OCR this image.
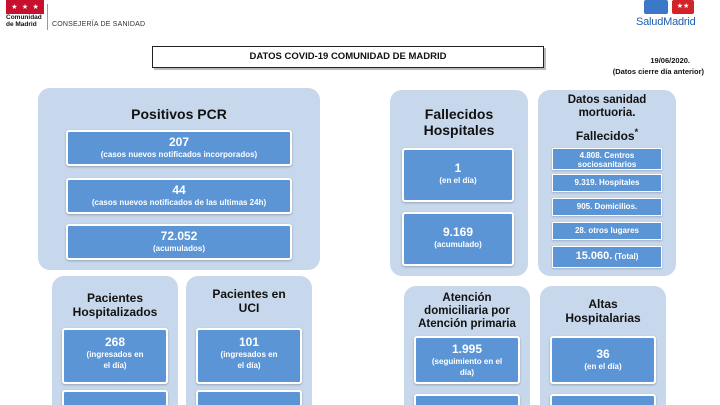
★ ★ ★
Comunidad
de Madrid	CONSEJERÍA DE SANIDAD
★★
SaludMadrid
DATOS COVID-19 COMUNIDAD DE MADRID	19/06/2020.
(Datos cierre día anterior)
Positivos PCR
207
(casos nuevos notificados incorporados)
44
(casos nuevos notificados de las ultimas 24h)
72.052
(acumulados)
Pacientes
Hospitalizados
268
(ingresados en
el día)
Pacientes en
UCI
101
(ingresados en
el día)
Fallecidos
Hospitales
1
(en el día)
9.169
(acumulado)
Datos sanidad
mortuoria.
Fallecidos*
4.808. Centros
sociosanitarios
9.319. Hospitales
905. Domicilios.
28. otros lugares
15.060. (Total)
Atención
domiciliaria por
Atención primaria
1.995
(seguimiento en el
día)
Altas
Hospitalarias
36
(en el día)
